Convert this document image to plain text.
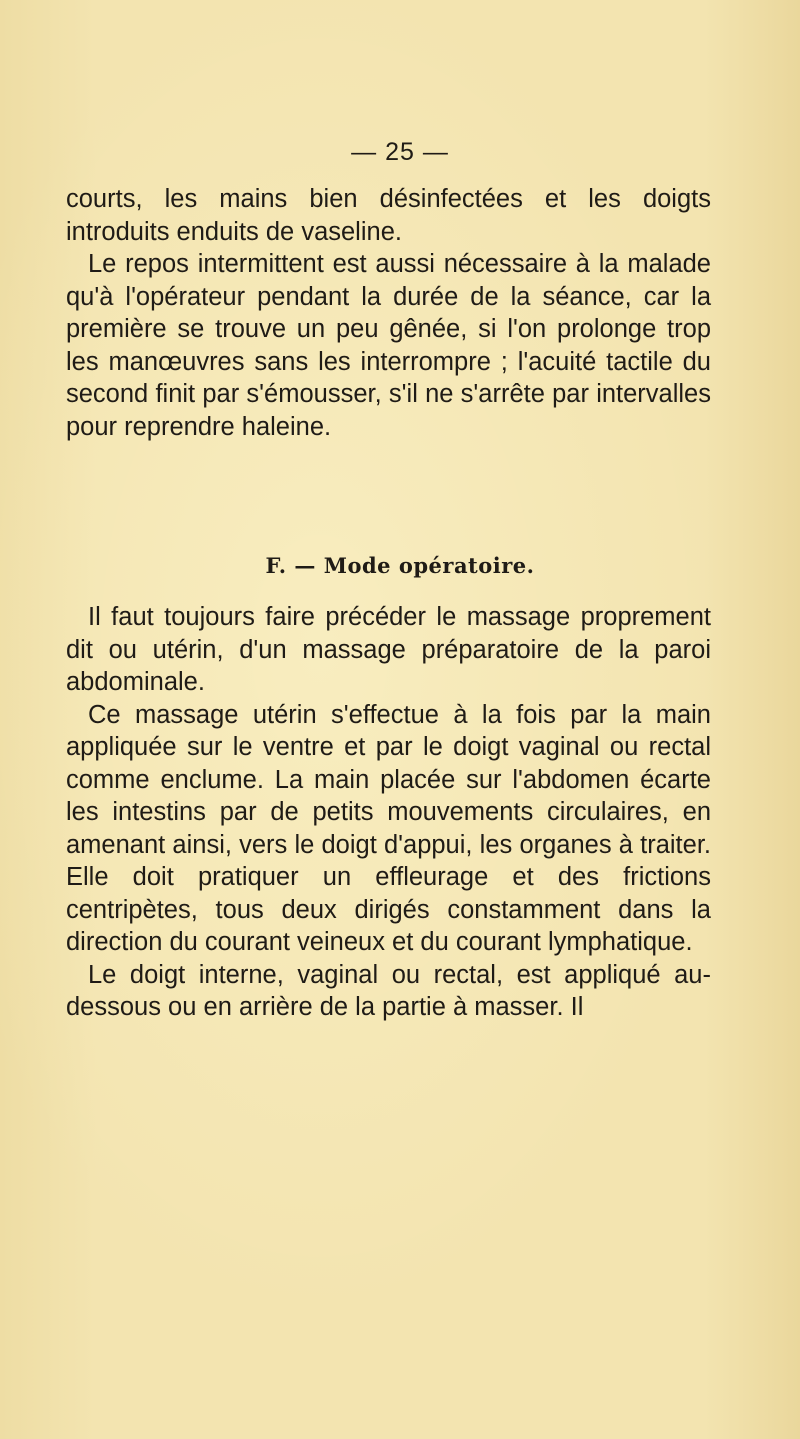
— 25 —

courts, les mains bien désinfectées et les doigts introduits enduits de vaseline.

Le repos intermittent est aussi nécessaire à la malade qu'à l'opérateur pendant la durée de la séance, car la première se trouve un peu gênée, si l'on prolonge trop les manœuvres sans les interrompre ; l'acuité tactile du second finit par s'émousser, s'il ne s'arrête par intervalles pour reprendre haleine.

F. — Mode opératoire.

Il faut toujours faire précéder le massage proprement dit ou utérin, d'un massage préparatoire de la paroi abdominale.

Ce massage utérin s'effectue à la fois par la main appliquée sur le ventre et par le doigt vaginal ou rectal comme enclume. La main placée sur l'abdomen écarte les intestins par de petits mouvements circulaires, en amenant ainsi, vers le doigt d'appui, les organes à traiter. Elle doit pratiquer un effleurage et des frictions centripètes, tous deux dirigés constamment dans la direction du courant veineux et du courant lymphatique.

Le doigt interne, vaginal ou rectal, est appliqué au-dessous ou en arrière de la partie à masser. Il
